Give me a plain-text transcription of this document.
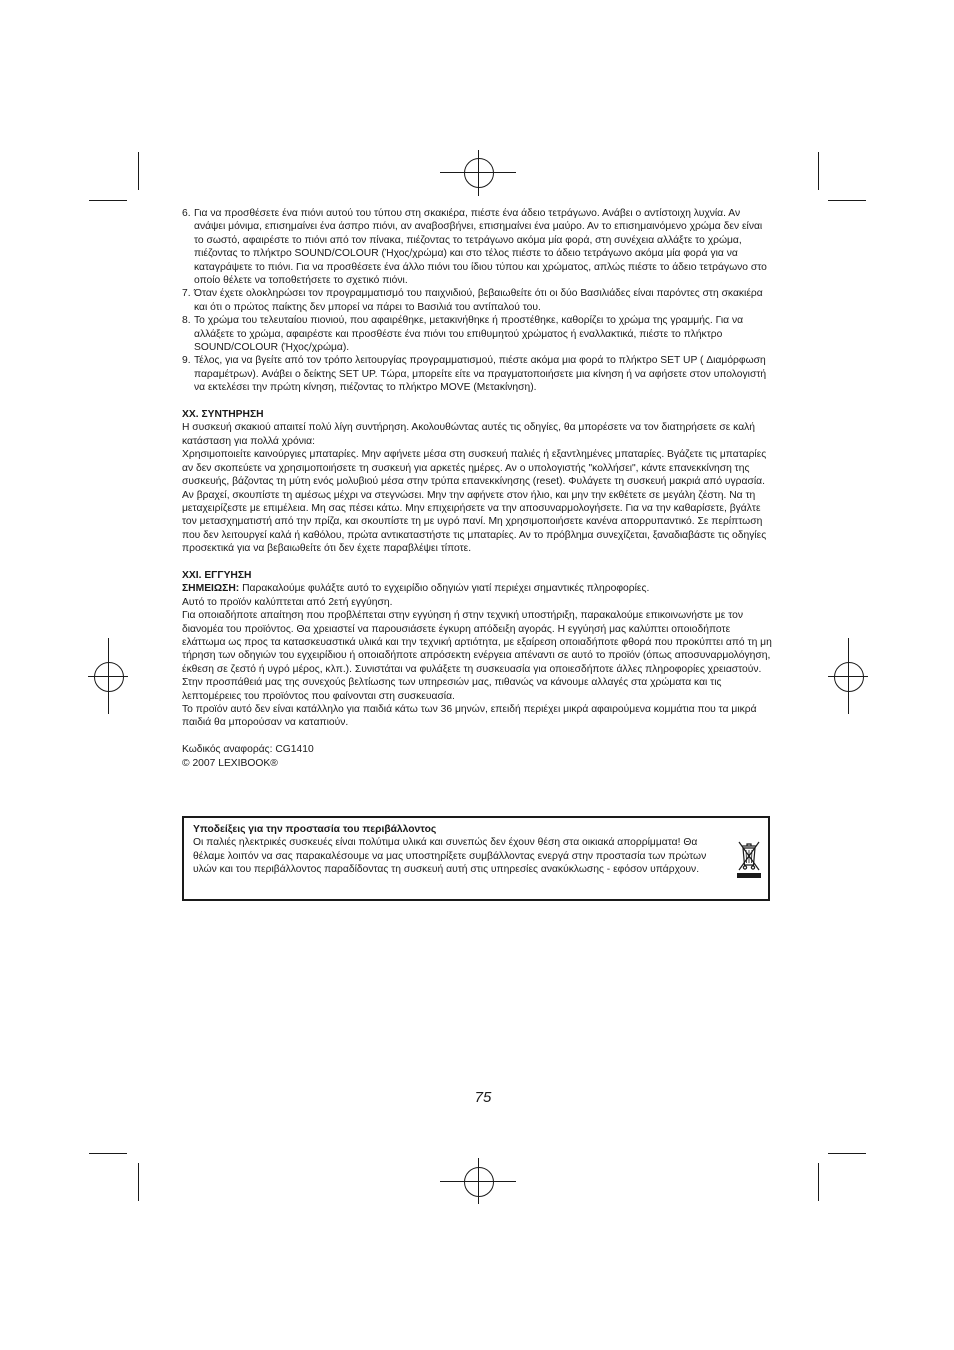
6. Για να προσθέσετε ένα πιόνι αυτού του τύπου στη σκακιέρα, πιέστε ένα άδειο τετράγωνο. Ανάβει ο αντίστοιχη λυχνία. Αν ανάψει μόνιμα, επισημαίνει ένα άσπρο πιόνι, αν αναβοσβήνει, επισημαίνει ένα μαύρο. Αν το επισημαινόμενο χρώμα δεν είναι το σωστό, αφαιρέστε το πιόνι από τον πίνακα, πιέζοντας το τετράγωνο ακόμα μία φορά, στη συνέχεια αλλάξτε το χρώμα, πιέζοντας το πλήκτρο SOUND/COLOUR (Ήχος/χρώμα) και στο τέλος πιέστε το άδειο τετράγωνο ακόμα μία φορά για να καταγράψετε το πιόνι. Για να προσθέσετε ένα άλλο πιόνι του ίδιου τύπου και χρώματος, απλώς πιέστε το άδειο τετράγωνο στο οποίο θέλετε να τοποθετήσετε το σχετικό πιόνι.
7. Όταν έχετε ολοκληρώσει τον προγραμματισμό του παιχνιδιού, βεβαιωθείτε ότι οι δύο Βασιλιάδες είναι παρόντες στη σκακιέρα και ότι ο πρώτος παίκτης δεν μπορεί να πάρει το Βασιλιά του αντίπαλού του.
8. Το χρώμα του τελευταίου πιονιού, που αφαιρέθηκε, μετακινήθηκε ή προστέθηκε, καθορίζει το χρώμα της γραμμής. Για να αλλάξετε το χρώμα, αφαιρέστε και προσθέστε ένα πιόνι του επιθυμητού χρώματος ή εναλλακτικά, πιέστε το πλήκτρο SOUND/COLOUR (Ήχος/χρώμα).
9. Τέλος, για να βγείτε από τον τρόπο λειτουργίας προγραμματισμού, πιέστε ακόμα μια φορά το πλήκτρο SET UP ( Διαμόρφωση παραμέτρων). Ανάβει ο δείκτης SET UP. Τώρα, μπορείτε είτε να πραγματοποιήσετε μια κίνηση ή να αφήσετε στον υπολογιστή να εκτελέσει την πρώτη κίνηση, πιέζοντας το πλήκτρο MOVE (Μετακίνηση).
XX. ΣΥΝΤΗΡΗΣΗ

Η συσκευή σκακιού απαιτεί πολύ λίγη συντήρηση. Ακολουθώντας αυτές τις οδηγίες, θα μπορέσετε να τον διατηρήσετε σε καλή κατάσταση για πολλά χρόνια:

Χρησιμοποιείτε καινούργιες μπαταρίες. Μην αφήνετε μέσα στη συσκευή παλιές ή εξαντλημένες μπαταρίες. Βγάζετε τις μπαταρίες αν δεν σκοπεύετε να χρησιμοποιήσετε τη συσκευή για αρκετές ημέρες. Αν ο υπολογιστής "κολλήσει", κάντε επανεκκίνηση της συσκευής, βάζοντας τη μύτη ενός μολυβιού μέσα στην τρύπα επανεκκίνησης (reset). Φυλάγετε τη συσκευή μακριά από υγρασία. Αν βραχεί, σκουπίστε τη αμέσως μέχρι να στεγνώσει. Μην την αφήνετε στον ήλιο, και μην την εκθέτετε σε μεγάλη ζέστη. Να τη μεταχειρίζεστε με επιμέλεια. Μη σας πέσει κάτω. Μην επιχειρήσετε να την αποσυναρμολογήσετε. Για να την καθαρίσετε, βγάλτε τον μετασχηματιστή από την πρίζα, και σκουπίστε τη με υγρό πανί. Μη χρησιμοποιήσετε κανένα απορρυπαντικό. Σε περίπτωση που δεν λειτουργεί καλά ή καθόλου, πρώτα αντικαταστήστε τις μπαταρίες. Αν το πρόβλημα συνεχίζεται, ξαναδιαβάστε τις οδηγίες προσεκτικά για να βεβαιωθείτε ότι δεν έχετε παραβλέψει τίποτε.

XXI. ΕΓΓΥΗΣΗ

ΣΗΜΕΙΩΣΗ: Παρακαλούμε φυλάξτε αυτό το εγχειρίδιο οδηγιών γιατί περιέχει σημαντικές πληροφορίες.

Αυτό το προϊόν καλύπτεται από 2ετή εγγύηση.

Για οποιαδήποτε απαίτηση που προβλέπεται στην εγγύηση ή στην τεχνική υποστήριξη, παρακαλούμε επικοινωνήστε με τον διανομέα του προϊόντος. Θα χρειαστεί να παρουσιάσετε έγκυρη απόδειξη αγοράς. Η εγγύησή μας καλύπτει οποιοδήποτε ελάττωμα ως προς τα κατασκευαστικά υλικά και την τεχνική αρτιότητα, με εξαίρεση οποιαδήποτε φθορά που προκύπτει από τη μη τήρηση των οδηγιών του εγχειρίδιου ή οποιαδήποτε απρόσεκτη ενέργεια απέναντι σε αυτό το προϊόν (όπως αποσυναρμολόγηση, έκθεση σε ζεστό ή υγρό μέρος, κλπ.). Συνιστάται να φυλάξετε τη συσκευασία για οποιεσδήποτε άλλες πληροφορίες χρειαστούν.

Στην προσπάθειά μας της συνεχούς βελτίωσης των υπηρεσιών μας, πιθανώς να κάνουμε αλλαγές στα χρώματα και τις λεπτομέρειες του προϊόντος που φαίνονται στη συσκευασία.

Το προϊόν αυτό δεν είναι κατάλληλο για παιδιά κάτω των 36 μηνών, επειδή περιέχει μικρά αφαιρούμενα κομμάτια που τα μικρά παιδιά θα μπορούσαν να καταπιούν.

Κωδικός αναφοράς: CG1410

© 2007 LEXIBOOK®

Υποδείξεις για την προστασία του περιβάλλοντος
Οι παλιές ηλεκτρικές συσκευές είναι πολύτιμα υλικά και συνεπώς δεν έχουν θέση στα οικιακά απορρίμματα! Θα θέλαμε λοιπόν να σας παρακαλέσουμε να μας υποστηρίξετε συμβάλλοντας ενεργά στην προστασία των πρώτων υλών και του περιβάλλοντος παραδίδοντας τη συσκευή αυτή στις υπηρεσίες ανακύκλωσης - εφόσον υπάρχουν.
75
